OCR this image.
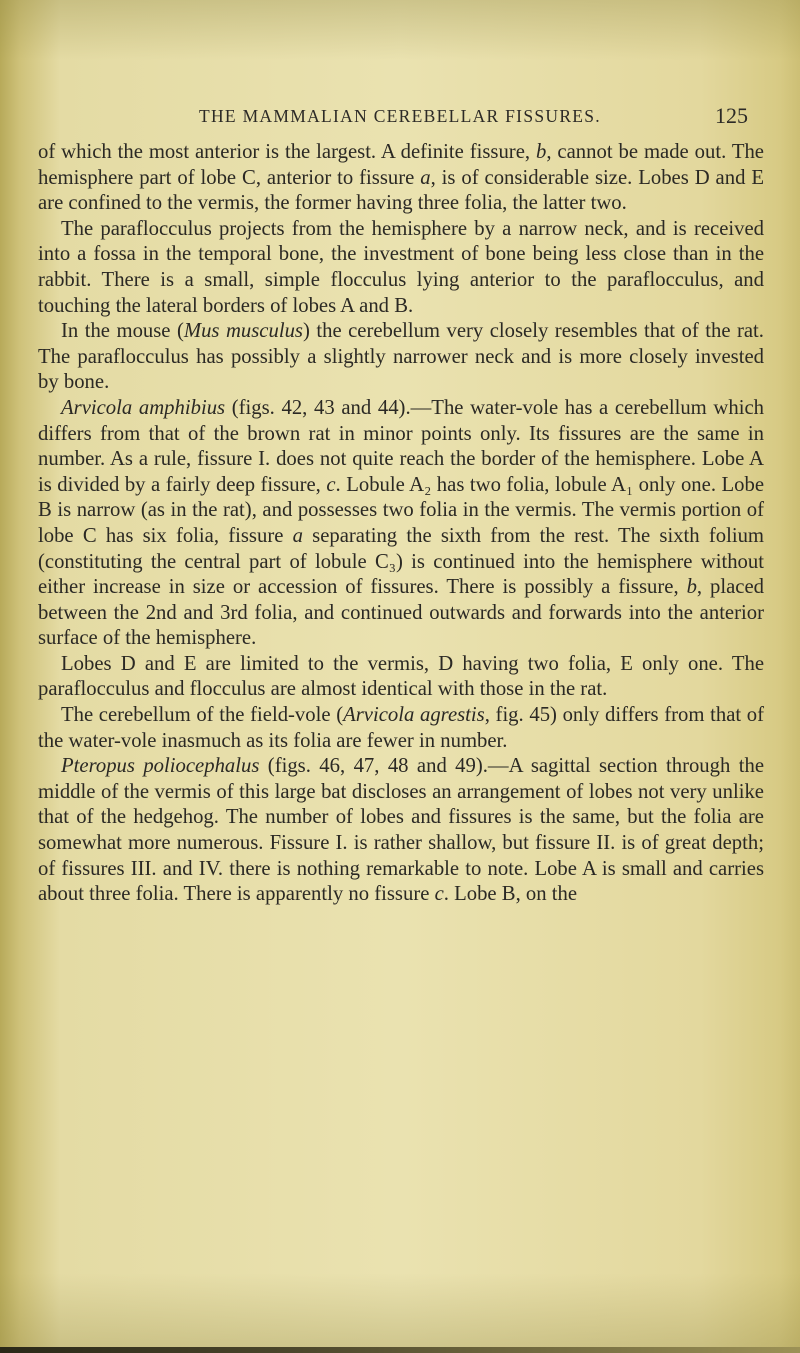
THE MAMMALIAN CEREBELLAR FISSURES.	125

of which the most anterior is the largest. A definite fissure, b, cannot be made out. The hemisphere part of lobe C, anterior to fissure a, is of considerable size. Lobes D and E are confined to the vermis, the former having three folia, the latter two.

The paraflocculus projects from the hemisphere by a narrow neck, and is received into a fossa in the temporal bone, the investment of bone being less close than in the rabbit. There is a small, simple flocculus lying anterior to the paraflocculus, and touching the lateral borders of lobes A and B.

In the mouse (Mus musculus) the cerebellum very closely resembles that of the rat. The paraflocculus has possibly a slightly narrower neck and is more closely invested by bone.

Arvicola amphibius (figs. 42, 43 and 44).—The water-vole has a cerebellum which differs from that of the brown rat in minor points only. Its fissures are the same in number. As a rule, fissure I. does not quite reach the border of the hemisphere. Lobe A is divided by a fairly deep fissure, c. Lobule A₂ has two folia, lobule A₁ only one. Lobe B is narrow (as in the rat), and possesses two folia in the vermis. The vermis portion of lobe C has six folia, fissure a separating the sixth from the rest. The sixth folium (constituting the central part of lobule C₃) is continued into the hemisphere without either increase in size or accession of fissures. There is possibly a fissure, b, placed between the 2nd and 3rd folia, and continued outwards and forwards into the anterior surface of the hemisphere.

Lobes D and E are limited to the vermis, D having two folia, E only one. The paraflocculus and flocculus are almost identical with those in the rat.

The cerebellum of the field-vole (Arvicola agrestis, fig. 45) only differs from that of the water-vole inasmuch as its folia are fewer in number.

Pteropus poliocephalus (figs. 46, 47, 48 and 49).—A sagittal section through the middle of the vermis of this large bat discloses an arrangement of lobes not very unlike that of the hedgehog. The number of lobes and fissures is the same, but the folia are somewhat more numerous. Fissure I. is rather shallow, but fissure II. is of great depth; of fissures III. and IV. there is nothing remarkable to note. Lobe A is small and carries about three folia. There is apparently no fissure c. Lobe B, on the
